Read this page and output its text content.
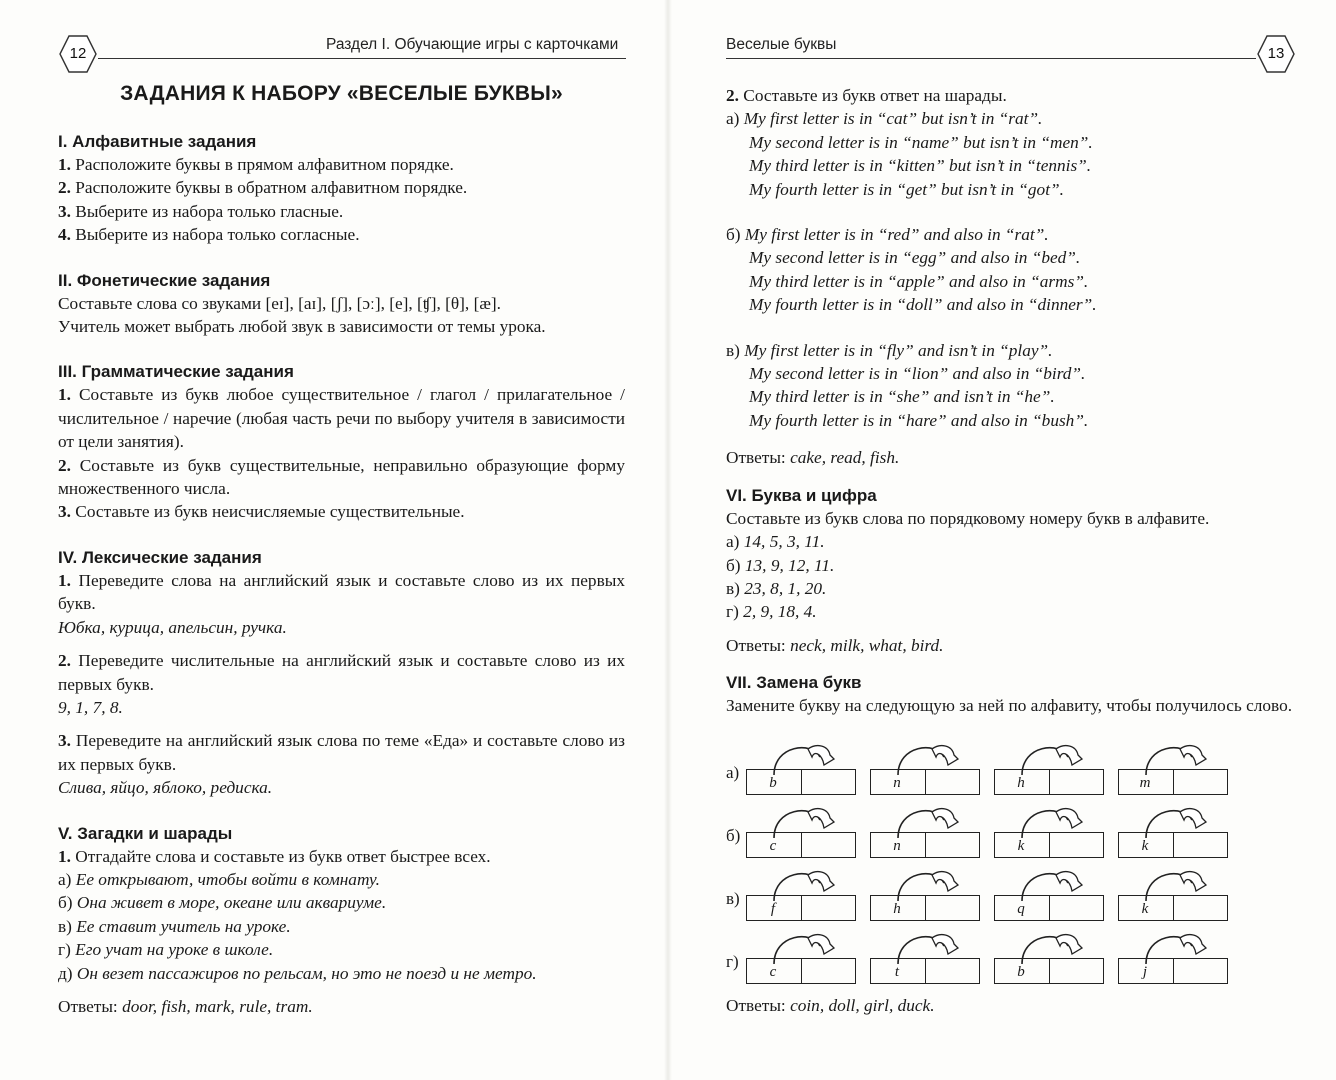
12
Раздел I. Обучающие игры с карточками
ЗАДАНИЯ К НАБОРУ «ВЕСЕЛЫЕ БУКВЫ»
I. Алфавитные задания

1. Расположите буквы в прямом алфавитном порядке.

2. Расположите буквы в обратном алфавитном порядке.

3. Выберите из набора только гласные.

4. Выберите из набора только согласные.

II. Фонетические задания

Составьте слова со звуками [eɪ], [aɪ], [ʃ], [ɔː], [e], [ʧ], [θ], [æ].

Учитель может выбрать любой звук в зависимости от темы урока.

III. Грамматические задания

1. Составьте из букв любое существительное / глагол / прилагательное / числительное / наречие (любая часть речи по выбору учителя в зависимости от цели занятия).

2. Составьте из букв существительные, неправильно образующие форму множественного числа.

3. Составьте из букв неисчисляемые существительные.

IV. Лексические задания

1. Переведите слова на английский язык и составьте слово из их первых букв.

Юбка, курица, апельсин, ручка.

2. Переведите числительные на английский язык и составьте слово из их первых букв.

9, 1, 7, 8.

3. Переведите на английский язык слова по теме «Еда» и составьте слово из их первых букв.

Слива, яйцо, яблоко, редиска.

V. Загадки и шарады

1. Отгадайте слова и составьте из букв ответ быстрее всех.

а) Ее открывают, чтобы войти в комнату.

б) Она живет в море, океане или аквариуме.

в) Ее ставит учитель на уроке.

г) Его учат на уроке в школе.

д) Он везет пассажиров по рельсам, но это не поезд и не метро.

Ответы: door, fish, mark, rule, tram.

Веселые буквы
13

2. Составьте из букв ответ на шарады.

а) My first letter is in “cat” but isn’t in “rat”.

My second letter is in “name” but isn’t in “men”.

My third letter is in “kitten” but isn’t in “tennis”.

My fourth letter is in “get” but isn’t in “got”.

б) My first letter is in “red” and also in “rat”.

My second letter is in “egg” and also in “bed”.

My third letter is in “apple” and also in “arms”.

My fourth letter is in “doll” and also in “dinner”.

в) My first letter is in “fly” and isn’t in “play”.

My second letter is in “lion” and also in “bird”.

My third letter is in “she” and isn’t in “he”.

My fourth letter is in “hare” and also in “bush”.

Ответы: cake, read, fish.

VI. Буква и цифра

Составьте из букв слова по порядковому номеру букв в алфавите.

а) 14, 5, 3, 11.

б) 13, 9, 12, 11.

в) 23, 8, 1, 20.

г) 2, 9, 18, 4.

Ответы: neck, milk, what, bird.

VII. Замена букв

Замените букву на следующую за ней по алфавиту, чтобы получилось слово.

а)
b	n	h	m
б)
c	n	k	k
в)
f	h	q	k
г)
c	t	b	j

Ответы: coin, doll, girl, duck.
